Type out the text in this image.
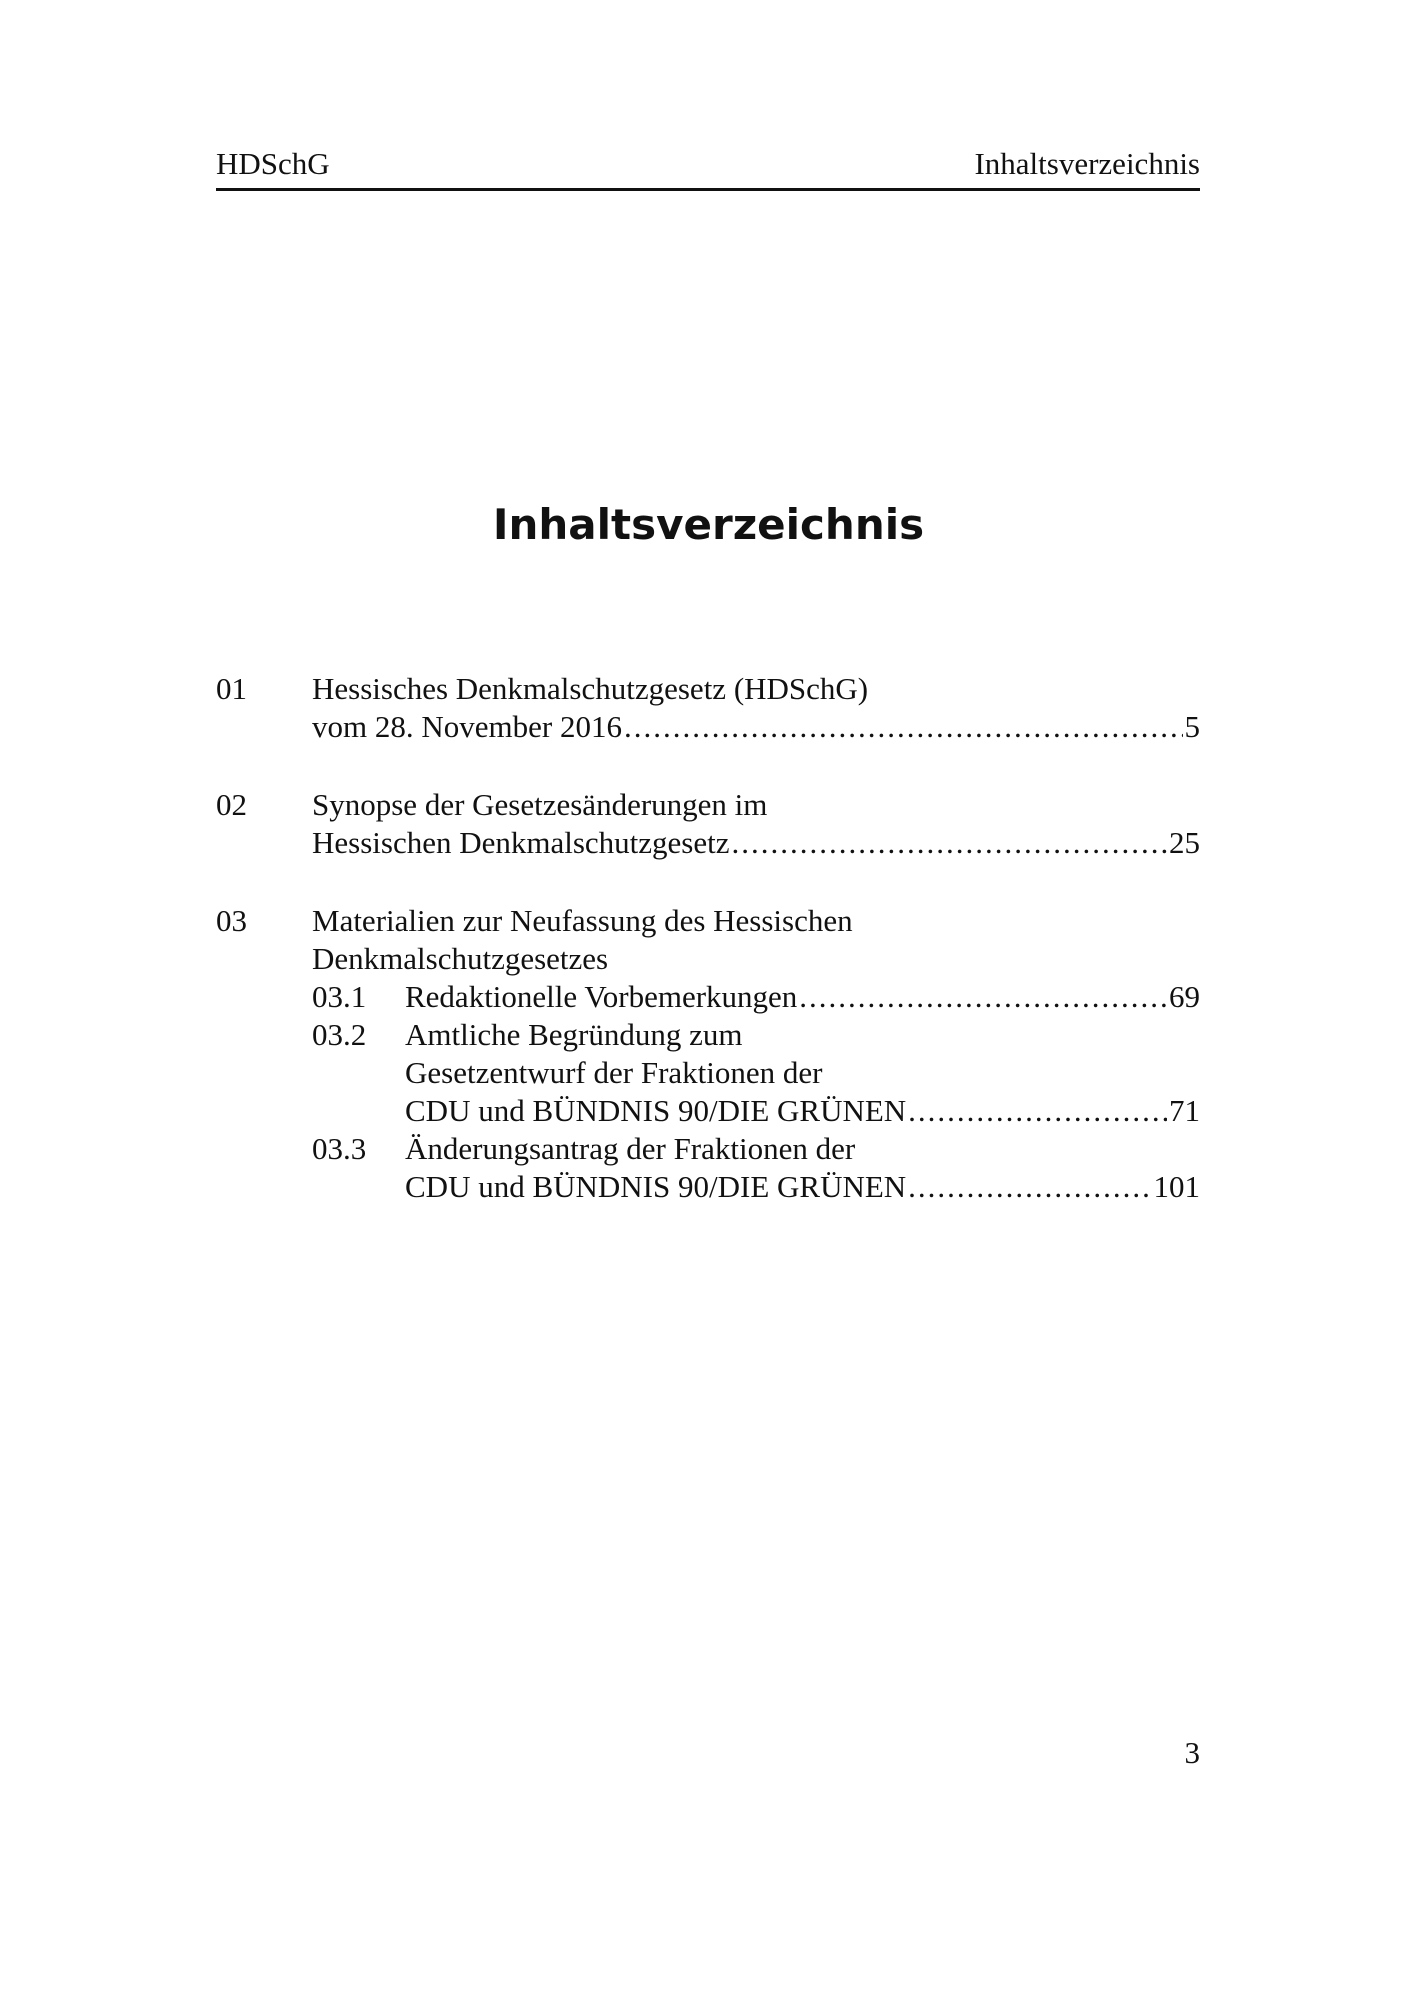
HDSchG	Inhaltsverzeichnis
Inhaltsverzeichnis
01	Hessisches Denkmalschutzgesetz (HDSchG)
vom 28. November 2016 .....	5
02	Synopse der Gesetzesänderungen im
Hessischen Denkmalschutzgesetz .....	25
03	Materialien zur Neufassung des Hessischen
Denkmalschutzgesetzes
03.1	Redaktionelle Vorbemerkungen .....	69
03.2	Amtliche Begründung zum
Gesetzentwurf der Fraktionen der
CDU und BÜNDNIS 90/DIE GRÜNEN .....	71
03.3	Änderungsantrag der Fraktionen der
CDU und BÜNDNIS 90/DIE GRÜNEN .....	101
3
